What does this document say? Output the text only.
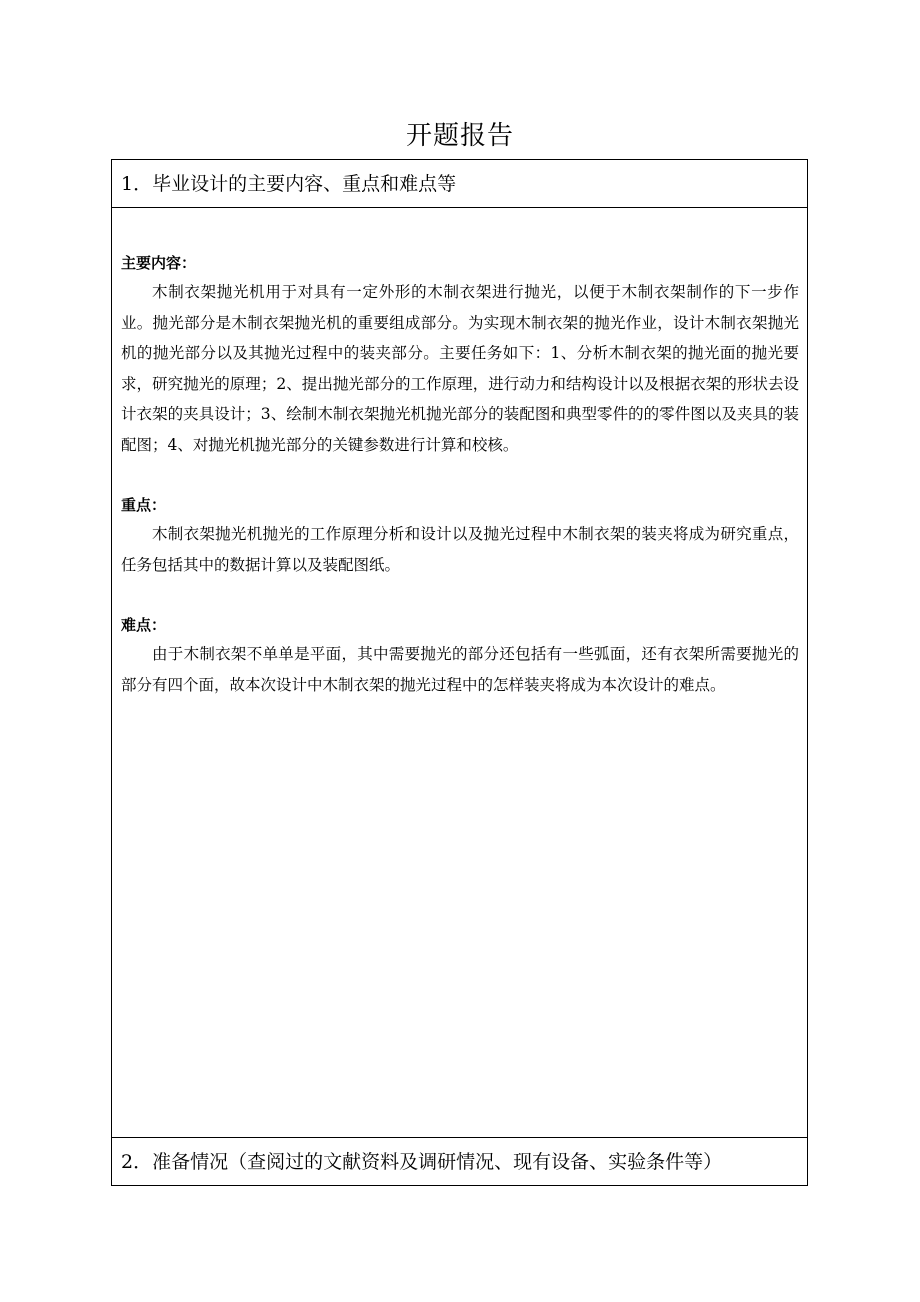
开题报告
1．毕业设计的主要内容、重点和难点等
主要内容：

木制衣架抛光机用于对具有一定外形的木制衣架进行抛光，以便于木制衣架制作的下一步作业。抛光部分是木制衣架抛光机的重要组成部分。为实现木制衣架的抛光作业，设计木制衣架抛光机的抛光部分以及其抛光过程中的装夹部分。主要任务如下：1、分析木制衣架的抛光面的抛光要求，研究抛光的原理；2、提出抛光部分的工作原理，进行动力和结构设计以及根据衣架的形状去设计衣架的夹具设计；3、绘制木制衣架抛光机抛光部分的装配图和典型零件的的零件图以及夹具的装配图；4、对抛光机抛光部分的关键参数进行计算和校核。

重点：

木制衣架抛光机抛光的工作原理分析和设计以及抛光过程中木制衣架的装夹将成为研究重点，任务包括其中的数据计算以及装配图纸。

难点：

由于木制衣架不单单是平面，其中需要抛光的部分还包括有一些弧面，还有衣架所需要抛光的部分有四个面，故本次设计中木制衣架的抛光过程中的怎样装夹将成为本次设计的难点。

2．准备情况（查阅过的文献资料及调研情况、现有设备、实验条件等）
